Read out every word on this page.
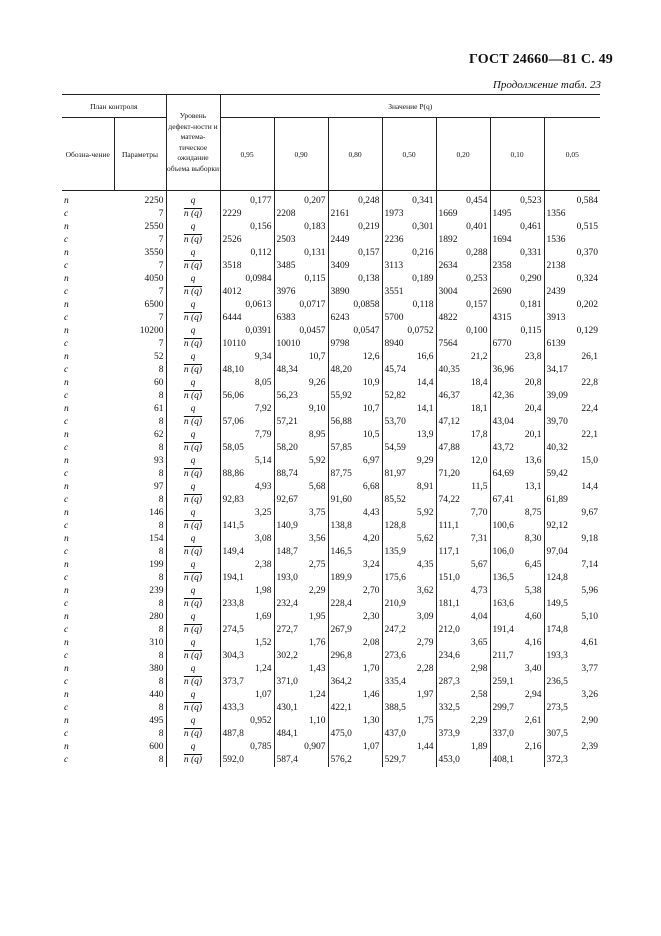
ГОСТ 24660—81 С. 49
Продолжение табл. 23
План контроля		Уровень дефект-ности и матема-тическое ожидание объема выборки	Значение P(q)						
Обозна-чение	Параметры		0,95	0,90	0,80	0,50	0,20	0,10	0,05
n	2250	q	0,177	0,207	0,248	0,341	0,454	0,523	0,584
c	7	n (q)	2229	2208	2161	1973	1669	1495	1356
n	2550	q	0,156	0,183	0,219	0,301	0,401	0,461	0,515
c	7	n (q)	2526	2503	2449	2236	1892	1694	1536
n	3550	q	0,112	0,131	0,157	0,216	0,288	0,331	0,370
c	7	n (q)	3518	3485	3409	3113	2634	2358	2138
n	4050	q	0,0984	0,115	0,138	0,189	0,253	0,290	0,324
c	7	n (q)	4012	3976	3890	3551	3004	2690	2439
n	6500	q	0,0613	0,0717	0,0858	0,118	0,157	0,181	0,202
c	7	n (q)	6444	6383	6243	5700	4822	4315	3913
n	10200	q	0,0391	0,0457	0,0547	0,0752	0,100	0,115	0,129
c	7	n (q)	10110	10010	9798	8940	7564	6770	6139
n	52	q	9,34	10,7	12,6	16,6	21,2	23,8	26,1
c	8	n (q)	48,10	48,34	48,20	45,74	40,35	36,96	34,17
n	60	q	8,05	9,26	10,9	14,4	18,4	20,8	22,8
c	8	n (q)	56,06	56,23	55,92	52,82	46,37	42,36	39,09
n	61	q	7,92	9,10	10,7	14,1	18,1	20,4	22,4
c	8	n (q)	57,06	57,21	56,88	53,70	47,12	43,04	39,70
n	62	q	7,79	8,95	10,5	13,9	17,8	20,1	22,1
c	8	n (q)	58,05	58,20	57,85	54,59	47,88	43,72	40,32
n	93	q	5,14	5,92	6,97	9,29	12,0	13,6	15,0
c	8	n (q)	88,86	88,74	87,75	81,97	71,20	64,69	59,42
n	97	q	4,93	5,68	6,68	8,91	11,5	13,1	14,4
c	8	n (q)	92,83	92,67	91,60	85,52	74,22	67,41	61,89
n	146	q	3,25	3,75	4,43	5,92	7,70	8,75	9,67
c	8	n (q)	141,5	140,9	138,8	128,8	111,1	100,6	92,12
n	154	q	3,08	3,56	4,20	5,62	7,31	8,30	9,18
c	8	n (q)	149,4	148,7	146,5	135,9	117,1	106,0	97,04
n	199	q	2,38	2,75	3,24	4,35	5,67	6,45	7,14
c	8	n (q)	194,1	193,0	189,9	175,6	151,0	136,5	124,8
n	239	q	1,98	2,29	2,70	3,62	4,73	5,38	5,96
c	8	n (q)	233,8	232,4	228,4	210,9	181,1	163,6	149,5
n	280	q	1,69	1,95	2,30	3,09	4,04	4,60	5,10
c	8	n (q)	274,5	272,7	267,9	247,2	212,0	191,4	174,8
n	310	q	1,52	1,76	2,08	2,79	3,65	4,16	4,61
c	8	n (q)	304,3	302,2	296,8	273,6	234,6	211,7	193,3
n	380	q	1,24	1,43	1,70	2,28	2,98	3,40	3,77
c	8	n (q)	373,7	371,0	364,2	335,4	287,3	259,1	236,5
n	440	q	1,07	1,24	1,46	1,97	2,58	2,94	3,26
c	8	n (q)	433,3	430,1	422,1	388,5	332,5	299,7	273,5
n	495	q	0,952	1,10	1,30	1,75	2,29	2,61	2,90
c	8	n (q)	487,8	484,1	475,0	437,0	373,9	337,0	307,5
n	600	q	0,785	0,907	1,07	1,44	1,89	2,16	2,39
c	8	n (q)	592,0	587,4	576,2	529,7	453,0	408,1	372,3
